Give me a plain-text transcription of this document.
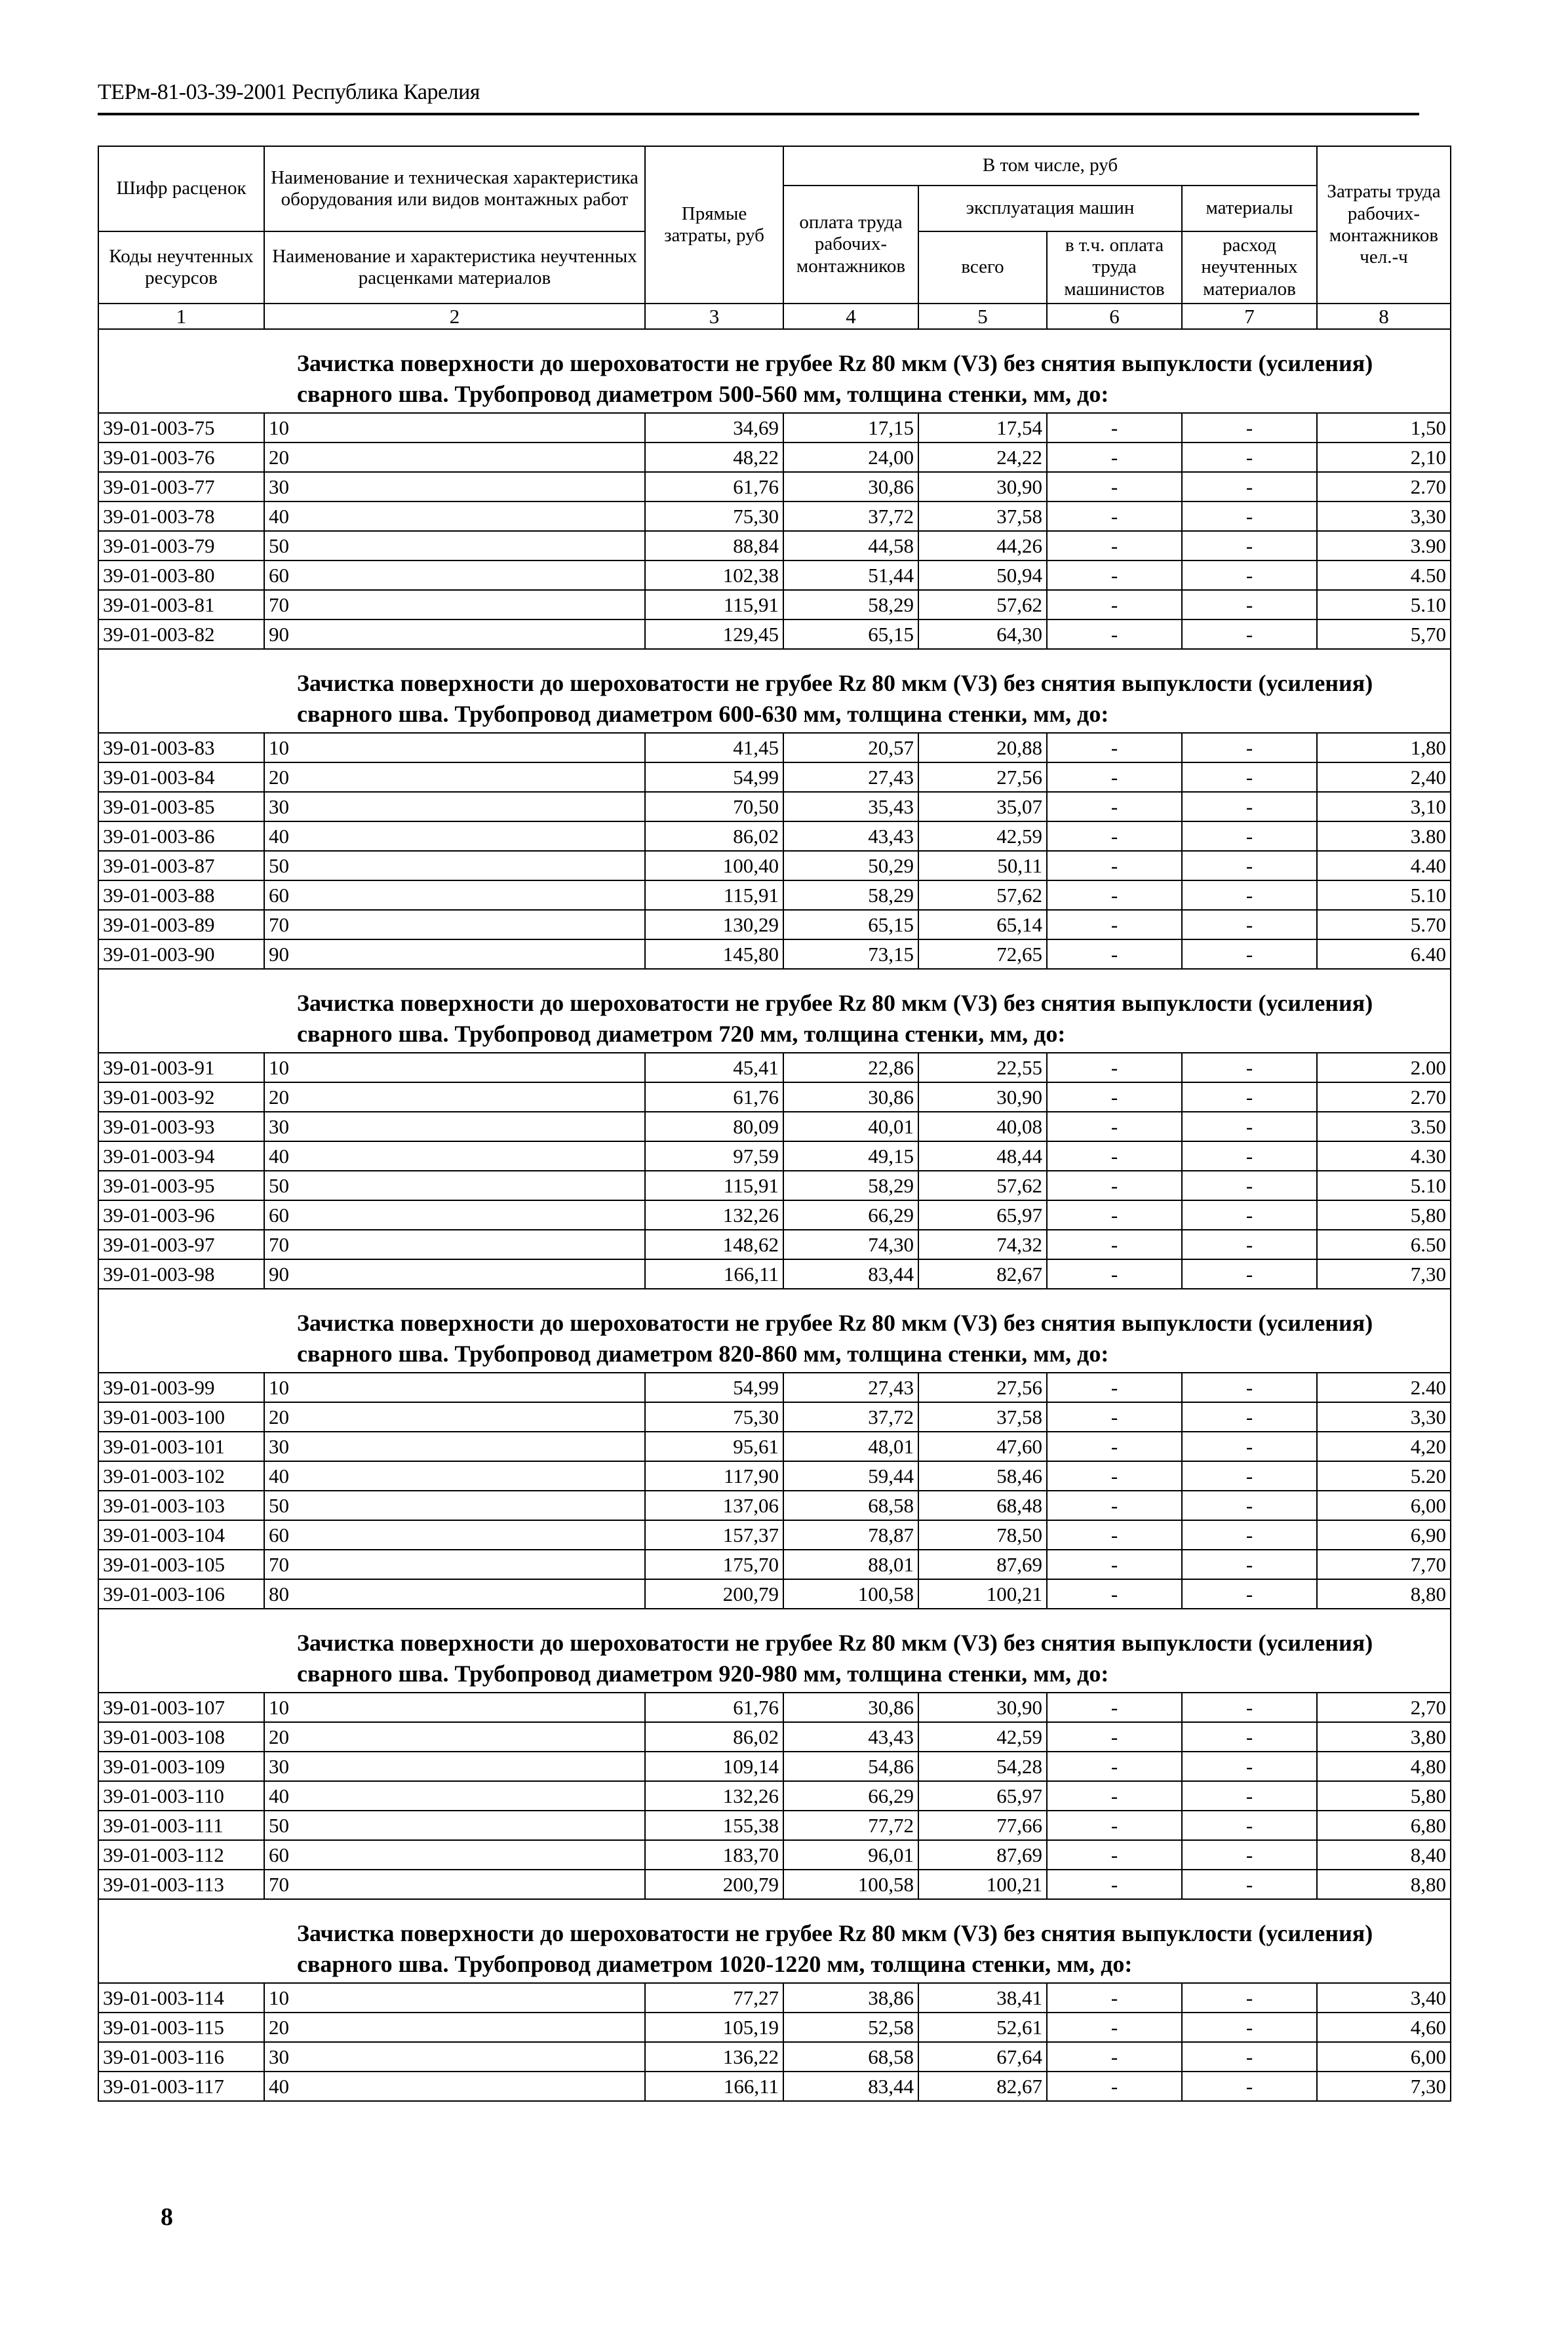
ТЕРм-81-03-39-2001 Республика Карелия
Шифр расценок	Наименование и техническая характеристика оборудования или видов монтажных работ	Прямые затраты, руб	В том числе, руб				Затраты труда рабочих-монтажников чел.-ч
			оплата труда рабочих-монтажников	эксплуатация машин		материалы	
Коды неучтенных ресурсов	Наименование и характеристика неучтенных расценками материалов			всего	в т.ч. оплата труда машинистов	расход неучтенных материалов	

1	2	3	4	5	6	7	8
Зачистка поверхности до шероховатости не грубее Rz 80 мкм (V3) без снятия выпуклости (усиления) сварного шва. Трубопровод диаметром 500-560 мм, толщина стенки, мм, до:							
39-01-003-75	10	34,69	17,15	17,54	-	-	1,50
39-01-003-76	20	48,22	24,00	24,22	-	-	2,10
39-01-003-77	30	61,76	30,86	30,90	-	-	2.70
39-01-003-78	40	75,30	37,72	37,58	-	-	3,30
39-01-003-79	50	88,84	44,58	44,26	-	-	3.90
39-01-003-80	60	102,38	51,44	50,94	-	-	4.50
39-01-003-81	70	115,91	58,29	57,62	-	-	5.10
39-01-003-82	90	129,45	65,15	64,30	-	-	5,70
Зачистка поверхности до шероховатости не грубее Rz 80 мкм (V3) без снятия выпуклости (усиления) сварного шва. Трубопровод диаметром 600-630 мм, толщина стенки, мм, до:							
39-01-003-83	10	41,45	20,57	20,88	-	-	1,80
39-01-003-84	20	54,99	27,43	27,56	-	-	2,40
39-01-003-85	30	70,50	35,43	35,07	-	-	3,10
39-01-003-86	40	86,02	43,43	42,59	-	-	3.80
39-01-003-87	50	100,40	50,29	50,11	-	-	4.40
39-01-003-88	60	115,91	58,29	57,62	-	-	5.10
39-01-003-89	70	130,29	65,15	65,14	-	-	5.70
39-01-003-90	90	145,80	73,15	72,65	-	-	6.40
Зачистка поверхности до шероховатости не грубее Rz 80 мкм (V3) без снятия выпуклости (усиления) сварного шва. Трубопровод диаметром 720 мм, толщина стенки, мм, до:							
39-01-003-91	10	45,41	22,86	22,55	-	-	2.00
39-01-003-92	20	61,76	30,86	30,90	-	-	2.70
39-01-003-93	30	80,09	40,01	40,08	-	-	3.50
39-01-003-94	40	97,59	49,15	48,44	-	-	4.30
39-01-003-95	50	115,91	58,29	57,62	-	-	5.10
39-01-003-96	60	132,26	66,29	65,97	-	-	5,80
39-01-003-97	70	148,62	74,30	74,32	-	-	6.50
39-01-003-98	90	166,11	83,44	82,67	-	-	7,30
Зачистка поверхности до шероховатости не грубее Rz 80 мкм (V3) без снятия выпуклости (усиления) сварного шва. Трубопровод диаметром 820-860 мм, толщина стенки, мм, до:							
39-01-003-99	10	54,99	27,43	27,56	-	-	2.40
39-01-003-100	20	75,30	37,72	37,58	-	-	3,30
39-01-003-101	30	95,61	48,01	47,60	-	-	4,20
39-01-003-102	40	117,90	59,44	58,46	-	-	5.20
39-01-003-103	50	137,06	68,58	68,48	-	-	6,00
39-01-003-104	60	157,37	78,87	78,50	-	-	6,90
39-01-003-105	70	175,70	88,01	87,69	-	-	7,70
39-01-003-106	80	200,79	100,58	100,21	-	-	8,80
Зачистка поверхности до шероховатости не грубее Rz 80 мкм (V3) без снятия выпуклости (усиления) сварного шва. Трубопровод диаметром 920-980 мм, толщина стенки, мм, до:							
39-01-003-107	10	61,76	30,86	30,90	-	-	2,70
39-01-003-108	20	86,02	43,43	42,59	-	-	3,80
39-01-003-109	30	109,14	54,86	54,28	-	-	4,80
39-01-003-110	40	132,26	66,29	65,97	-	-	5,80
39-01-003-111	50	155,38	77,72	77,66	-	-	6,80
39-01-003-112	60	183,70	96,01	87,69	-	-	8,40
39-01-003-113	70	200,79	100,58	100,21	-	-	8,80
Зачистка поверхности до шероховатости не грубее Rz 80 мкм (V3) без снятия выпуклости (усиления) сварного шва. Трубопровод диаметром 1020-1220 мм, толщина стенки, мм, до:							
39-01-003-114	10	77,27	38,86	38,41	-	-	3,40
39-01-003-115	20	105,19	52,58	52,61	-	-	4,60
39-01-003-116	30	136,22	68,58	67,64	-	-	6,00
39-01-003-117	40	166,11	83,44	82,67	-	-	7,30
8
